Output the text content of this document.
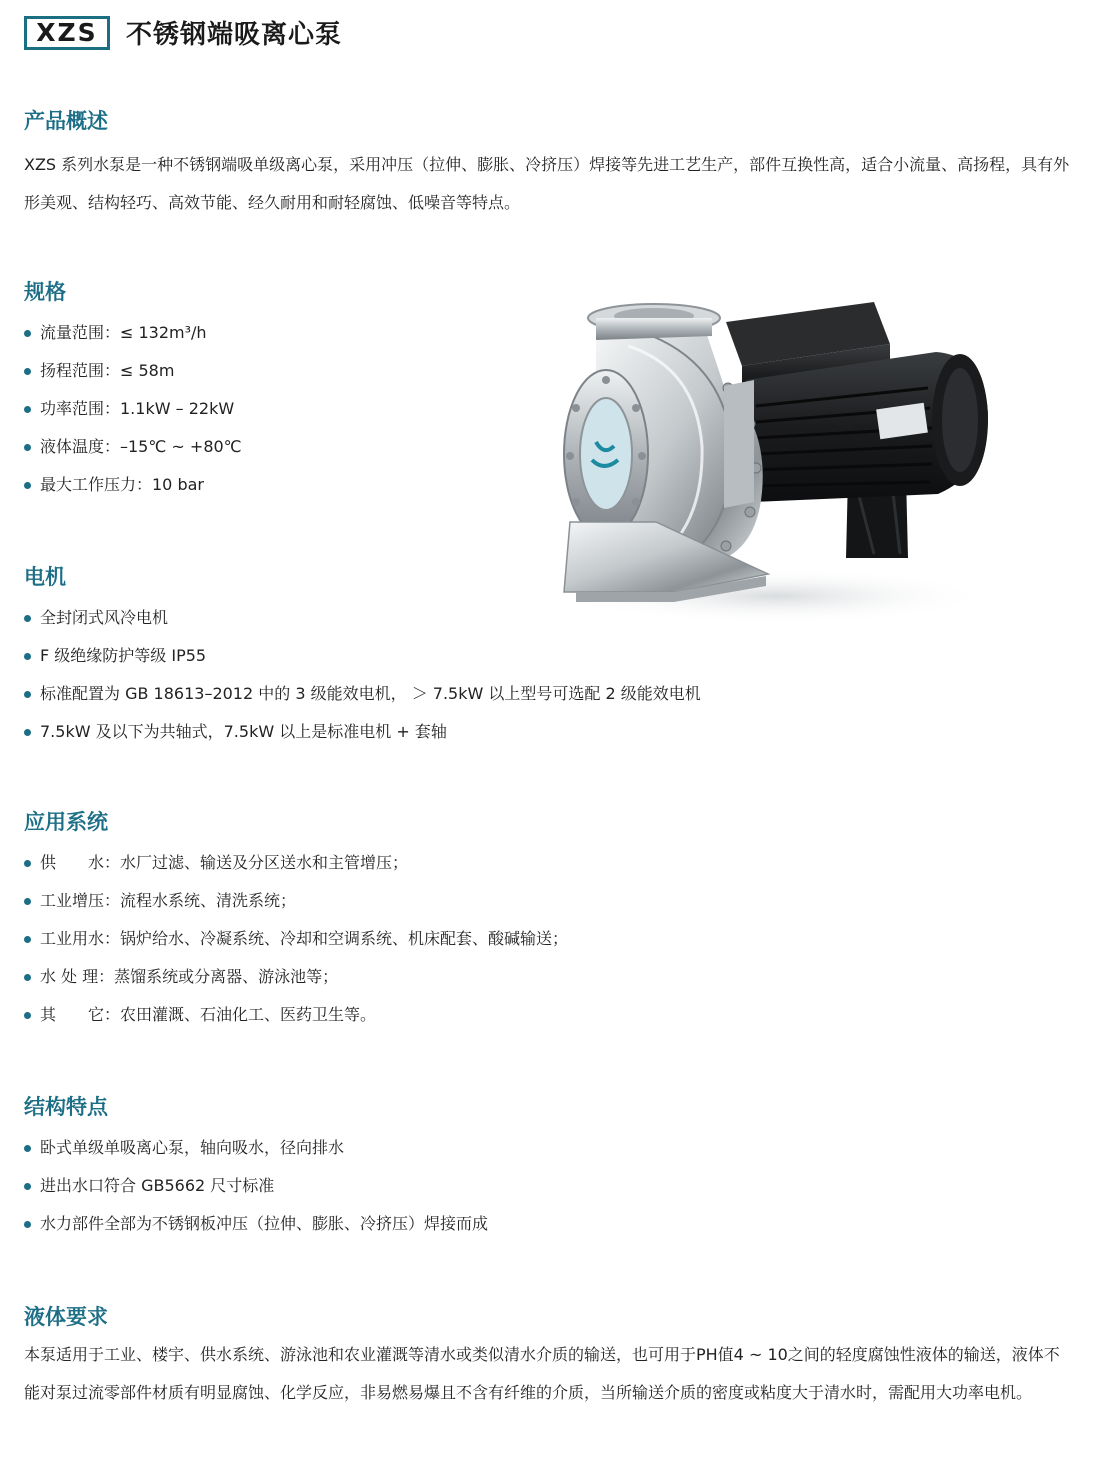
XZS	不锈钢端吸离心泵
产品概述

XZS 系列水泵是一种不锈钢端吸单级离心泵，采用冲压（拉伸、膨胀、冷挤压）焊接等先进工艺生产，部件互换性高，适合小流量、高扬程，具有外形美观、结构轻巧、高效节能、经久耐用和耐轻腐蚀、低噪音等特点。

规格
流量范围：≤ 132m³/h
扬程范围：≤ 58m
功率范围：1.1kW – 22kW
液体温度：–15℃ ~ +80℃
最大工作压力：10 bar
电机
全封闭式风冷电机
F 级绝缘防护等级 IP55
标准配置为 GB 18613–2012 中的 3 级能效电机， ＞ 7.5kW 以上型号可选配 2 级能效电机
7.5kW 及以下为共轴式，7.5kW 以上是标准电机 + 套轴
应用系统
供　　水：水厂过滤、输送及分区送水和主管增压；
工业增压：流程水系统、清洗系统；
工业用水：锅炉给水、冷凝系统、冷却和空调系统、机床配套、酸碱输送；
水 处 理：蒸馏系统或分离器、游泳池等；
其　　它：农田灌溉、石油化工、医药卫生等。
结构特点
卧式单级单吸离心泵，轴向吸水，径向排水
进出水口符合 GB5662 尺寸标准
水力部件全部为不锈钢板冲压（拉伸、膨胀、冷挤压）焊接而成
液体要求

本泵适用于工业、楼宇、供水系统、游泳池和农业灌溉等清水或类似清水介质的输送，也可用于PH值4 ~ 10之间的轻度腐蚀性液体的输送，液体不能对泵过流零部件材质有明显腐蚀、化学反应，非易燃易爆且不含有纤维的介质，当所输送介质的密度或粘度大于清水时，需配用大功率电机。
